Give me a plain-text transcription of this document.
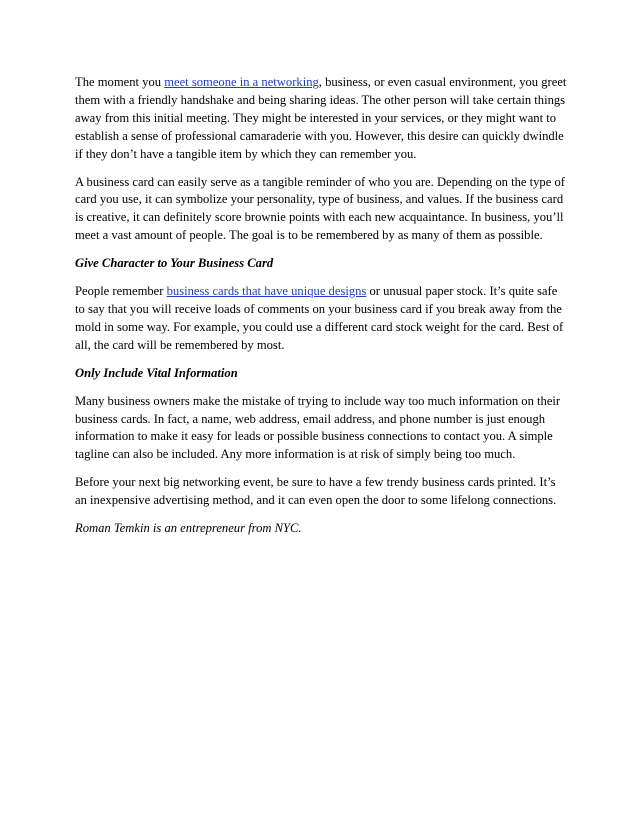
The moment you meet someone in a networking, business, or even casual environment, you greet them with a friendly handshake and being sharing ideas. The other person will take certain things away from this initial meeting. They might be interested in your services, or they might want to establish a sense of professional camaraderie with you. However, this desire can quickly dwindle if they don’t have a tangible item by which they can remember you.

A business card can easily serve as a tangible reminder of who you are. Depending on the type of card you use, it can symbolize your personality, type of business, and values. If the business card is creative, it can definitely score brownie points with each new acquaintance. In business, you’ll meet a vast amount of people. The goal is to be remembered by as many of them as possible.

Give Character to Your Business Card

People remember business cards that have unique designs or unusual paper stock. It’s quite safe to say that you will receive loads of comments on your business card if you break away from the mold in some way. For example, you could use a different card stock weight for the card. Best of all, the card will be remembered by most.

Only Include Vital Information

Many business owners make the mistake of trying to include way too much information on their business cards. In fact, a name, web address, email address, and phone number is just enough information to make it easy for leads or possible business connections to contact you. A simple tagline can also be included. Any more information is at risk of simply being too much.

Before your next big networking event, be sure to have a few trendy business cards printed. It’s an inexpensive advertising method, and it can even open the door to some lifelong connections.

Roman Temkin is an entrepreneur from NYC.
